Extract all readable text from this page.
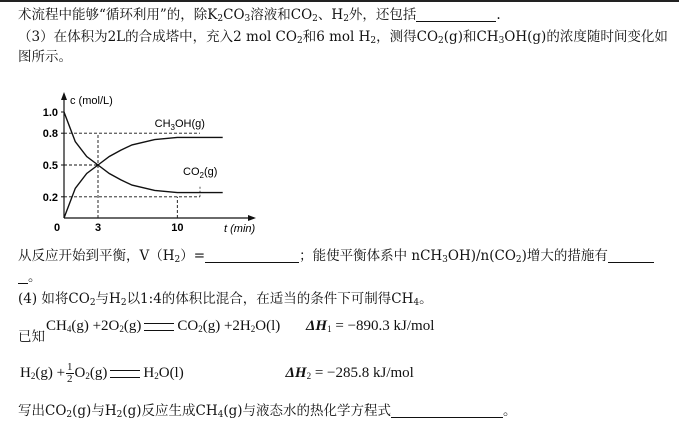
术流程中能够“循环利用”的，除$K_2CO_3$溶液和$CO_2$、$H_2$外，还包括	.
（3）在体积为2L的合成塔中，充入2 mol $CO_2$和6 mol $H_2$，测得$CO_2(g)$和$CH_3OH(g)$的浓度随时间变化如
图所示。
1.0
0.8
0.5
0.2
3	10
0
$CH_3OH(g)$
$CO_2(g)$
c (mol/L)
t (min)
从反应开始到平衡，$V(H_2)=$	；能使平衡体系中 $nCH_3OH)/n(CO_2)$增大的措施有
。
(4) 如将$CO_2$与$H_2$以1:4的体积比混合，在适当的条件下可制得$CH_4$。
已知
$CH_4(g) +2O_2(g)$ $CO_2(g) +2H_2O(l) \Delta H_1 = -890.3$ kJ/mol
$H_2(g) + \frac{1}{2} O_2(g)$ $H_2O(l)$	$\Delta H_2 = -285.8$ kJ/mol
写出$CO_2(g)$与$H_2(g)$反应生成$CH_4(g)$与液态水的热化学方程式	。
